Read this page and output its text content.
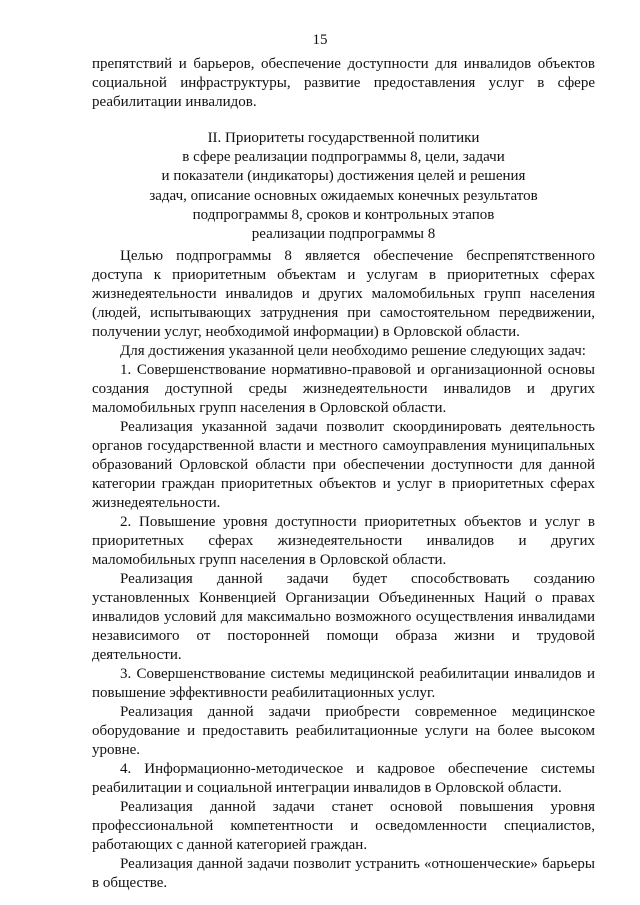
15

препятствий и барьеров, обеспечение доступности для инвалидов объектов социальной инфраструктуры, развитие предоставления услуг в сфере реабилитации инвалидов.

II. Приоритеты государственной политики
в сфере реализации подпрограммы 8, цели, задачи
и показатели (индикаторы) достижения целей и решения
задач, описание основных ожидаемых конечных результатов
подпрограммы 8, сроков и контрольных этапов
реализации подпрограммы 8

Целью подпрограммы 8 является обеспечение беспрепятственного доступа к приоритетным объектам и услугам в приоритетных сферах жизнедеятельности инвалидов и других маломобильных групп населения (людей, испытывающих затруднения при самостоятельном передвижении, получении услуг, необходимой информации) в Орловской области.

Для достижения указанной цели необходимо решение следующих задач:

1. Совершенствование нормативно-правовой и организационной основы создания доступной среды жизнедеятельности инвалидов и других маломобильных групп населения в Орловской области.

Реализация указанной задачи позволит скоординировать деятельность органов государственной власти и местного самоуправления муниципальных образований Орловской области при обеспечении доступности для данной категории граждан приоритетных объектов и услуг в приоритетных сферах жизнедеятельности.

2. Повышение уровня доступности приоритетных объектов и услуг в приоритетных сферах жизнедеятельности инвалидов и других маломобильных групп населения в Орловской области.

Реализация данной задачи будет способствовать созданию установленных Конвенцией Организации Объединенных Наций о правах инвалидов условий для максимально возможного осуществления инвалидами независимого от посторонней помощи образа жизни и трудовой деятельности.

3. Совершенствование системы медицинской реабилитации инвалидов и повышение эффективности реабилитационных услуг.

Реализация данной задачи приобрести современное медицинское оборудование и предоставить реабилитационные услуги на более высоком уровне.

4. Информационно-методическое и кадровое обеспечение системы реабилитации и социальной интеграции инвалидов в Орловской области.

Реализация данной задачи станет основой повышения уровня профессиональной компетентности и осведомленности специалистов, работающих с данной категорией граждан.

Реализация данной задачи позволит устранить «отношенческие» барьеры в обществе.
